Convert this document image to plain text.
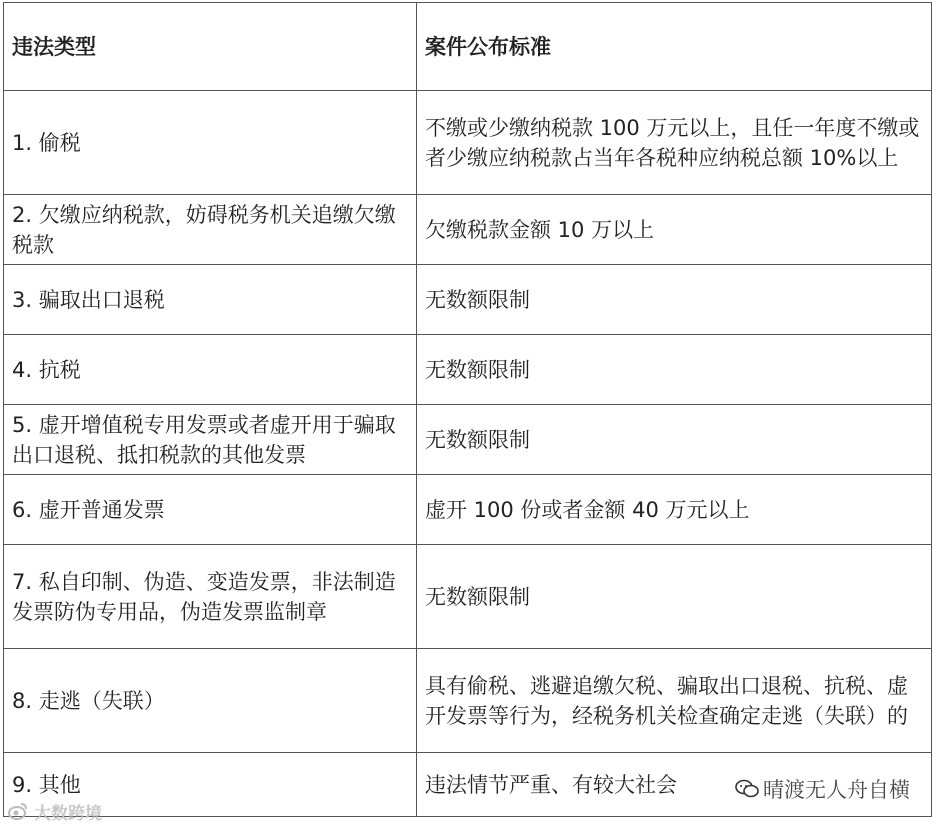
违法类型	案件公布标准
1. 偷税	不缴或少缴纳税款 100 万元以上，且任一年度不缴或者少缴应纳税款占当年各税种应纳税总额 10%以上
2. 欠缴应纳税款，妨碍税务机关追缴欠缴税款	欠缴税款金额 10 万以上
3. 骗取出口退税	无数额限制
4. 抗税	无数额限制
5. 虚开增值税专用发票或者虚开用于骗取出口退税、抵扣税款的其他发票	无数额限制
6. 虚开普通发票	虚开 100 份或者金额 40 万元以上
7. 私自印制、伪造、变造发票，非法制造发票防伪专用品，伪造发票监制章	无数额限制
8. 走逃（失联）	具有偷税、逃避追缴欠税、骗取出口退税、抗税、虚开发票等行为，经税务机关检查确定走逃（失联）的
9. 其他	违法情节严重、有较大社会
大数跨境
晴渡无人舟自横
